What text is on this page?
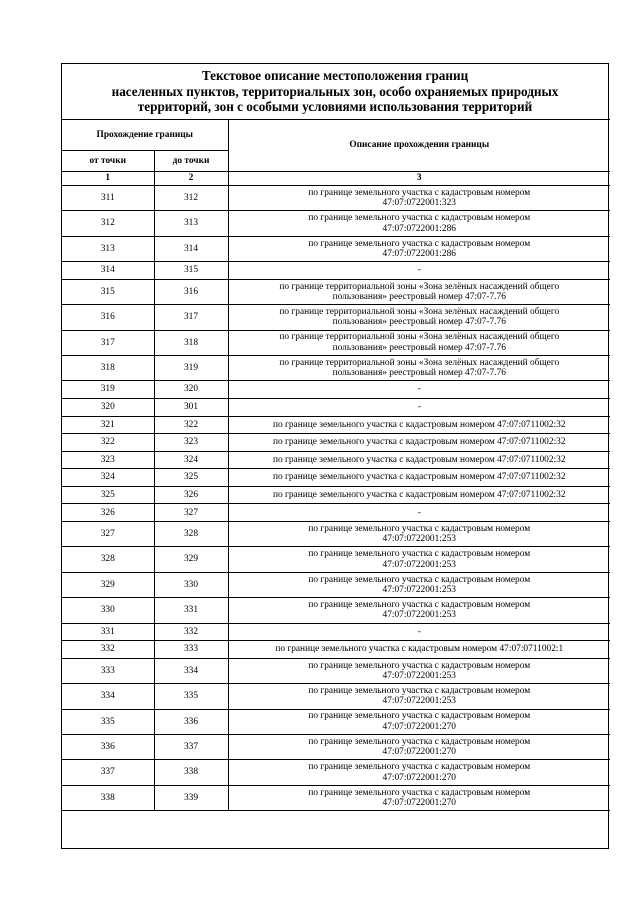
Текстовое описание местоположения границ
населенных пунктов, территориальных зон, особо охраняемых природных
территорий, зон с особыми условиями использования территорий
Прохождение границы		Описание прохождения границы
от точки	до точки	
1	2	3
311	312	по границе земельного участка с кадастровым номером
47:07:0722001:323

312	313	по границе земельного участка с кадастровым номером
47:07:0722001:286

313	314	по границе земельного участка с кадастровым номером
47:07:0722001:286

314	315	-

315	316	по границе территориальной зоны «Зона зелёных насаждений общего
пользования» реестровый номер 47:07-7.76

316	317	по границе территориальной зоны «Зона зелёных насаждений общего
пользования» реестровый номер 47:07-7.76

317	318	по границе территориальной зоны «Зона зелёных насаждений общего
пользования» реестровый номер 47:07-7.76

318	319	по границе территориальной зоны «Зона зелёных насаждений общего
пользования» реестровый номер 47:07-7.76

319	320	-

320	301	-

321	322	по границе земельного участка с кадастровым номером 47:07:0711002:32

322	323	по границе земельного участка с кадастровым номером 47:07:0711002:32

323	324	по границе земельного участка с кадастровым номером 47:07:0711002:32

324	325	по границе земельного участка с кадастровым номером 47:07:0711002:32

325	326	по границе земельного участка с кадастровым номером 47:07:0711002:32

326	327	-

327	328	по границе земельного участка с кадастровым номером
47:07:0722001:253

328	329	по границе земельного участка с кадастровым номером
47:07:0722001:253

329	330	по границе земельного участка с кадастровым номером
47:07:0722001:253

330	331	по границе земельного участка с кадастровым номером
47:07:0722001:253

331	332	-

332	333	по границе земельного участка с кадастровым номером 47:07:0711002:1

333	334	по границе земельного участка с кадастровым номером
47:07:0722001:253

334	335	по границе земельного участка с кадастровым номером
47:07:0722001:253

335	336	по границе земельного участка с кадастровым номером
47:07:0722001:270

336	337	по границе земельного участка с кадастровым номером
47:07:0722001:270

337	338	по границе земельного участка с кадастровым номером
47:07:0722001:270

338	339	по границе земельного участка с кадастровым номером
47:07:0722001:270
